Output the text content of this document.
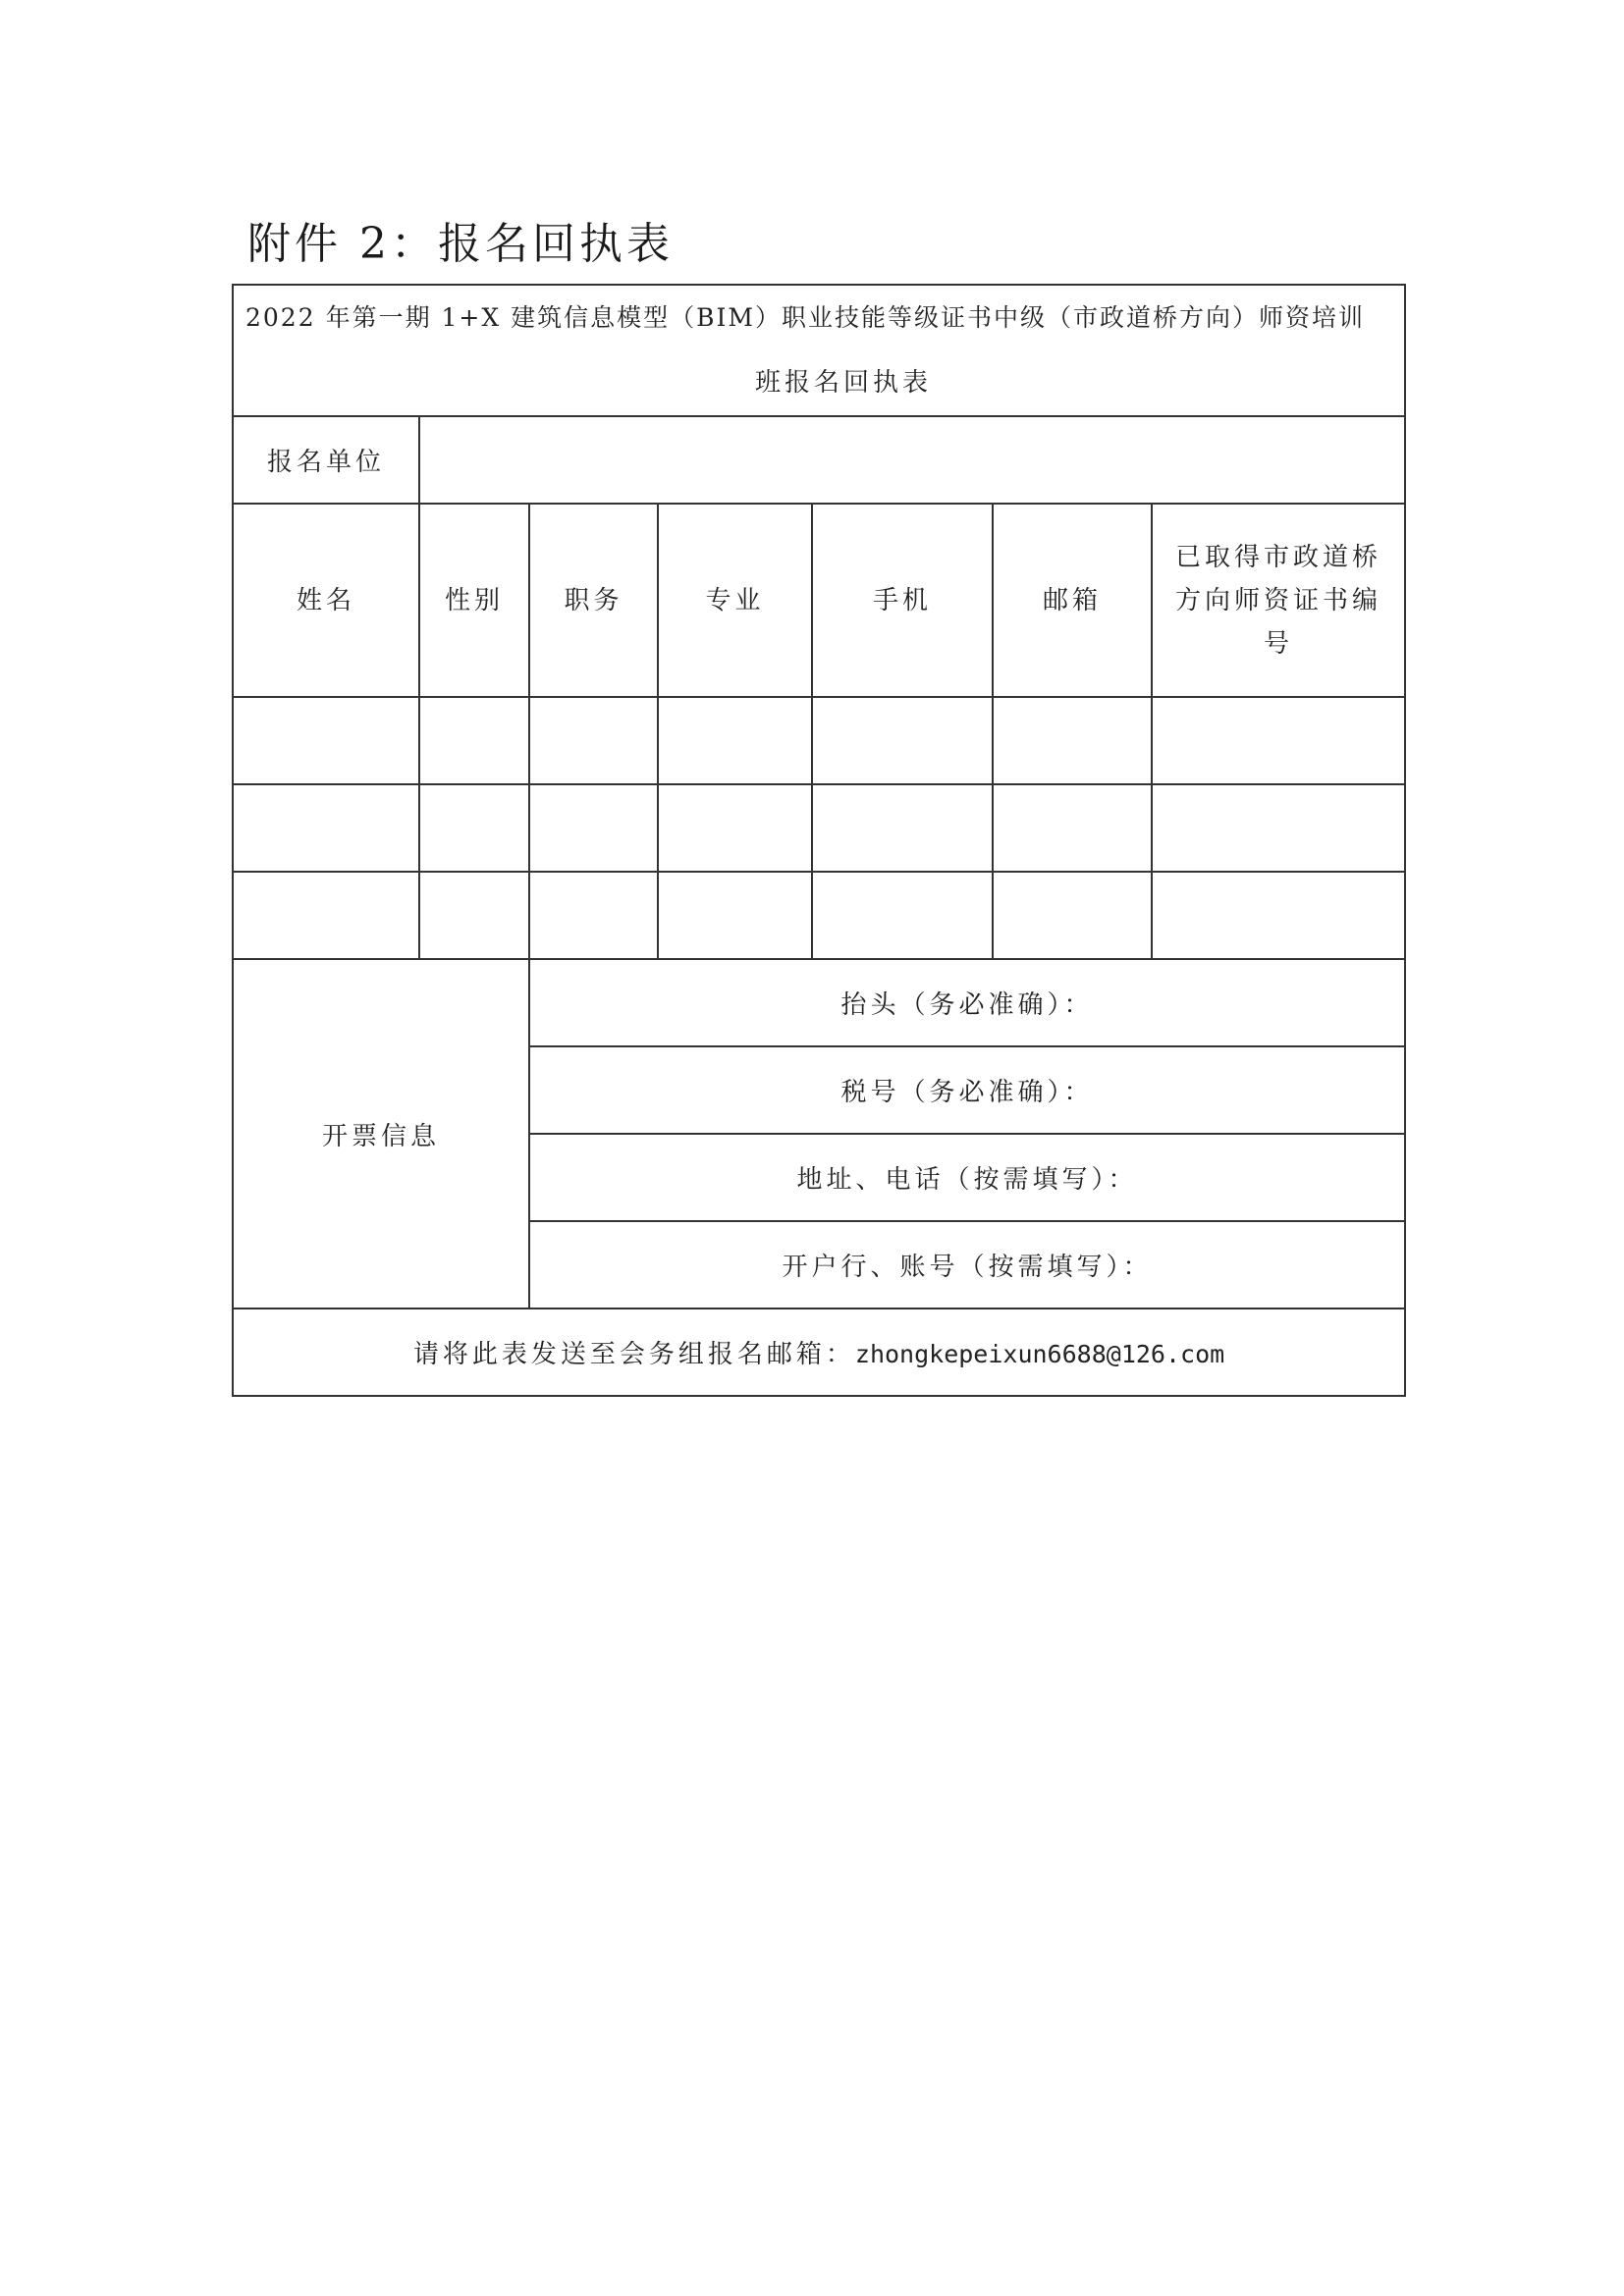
附件 2：报名回执表
2022 年第一期 1+X 建筑信息模型（BIM）职业技能等级证书中级（市政道桥方向）师资培训
班报名回执表						

报名单位						
姓名	性别	职务	专业	手机	邮箱	已取得市政道桥方向师资证书编号

开票信息		抬头（务必准确）：				
		税号（务必准确）：				
		地址、电话（按需填写）：				
		开户行、账号（按需填写）：				
请将此表发送至会务组报名邮箱：zhongkepeixun6688@126.com						
